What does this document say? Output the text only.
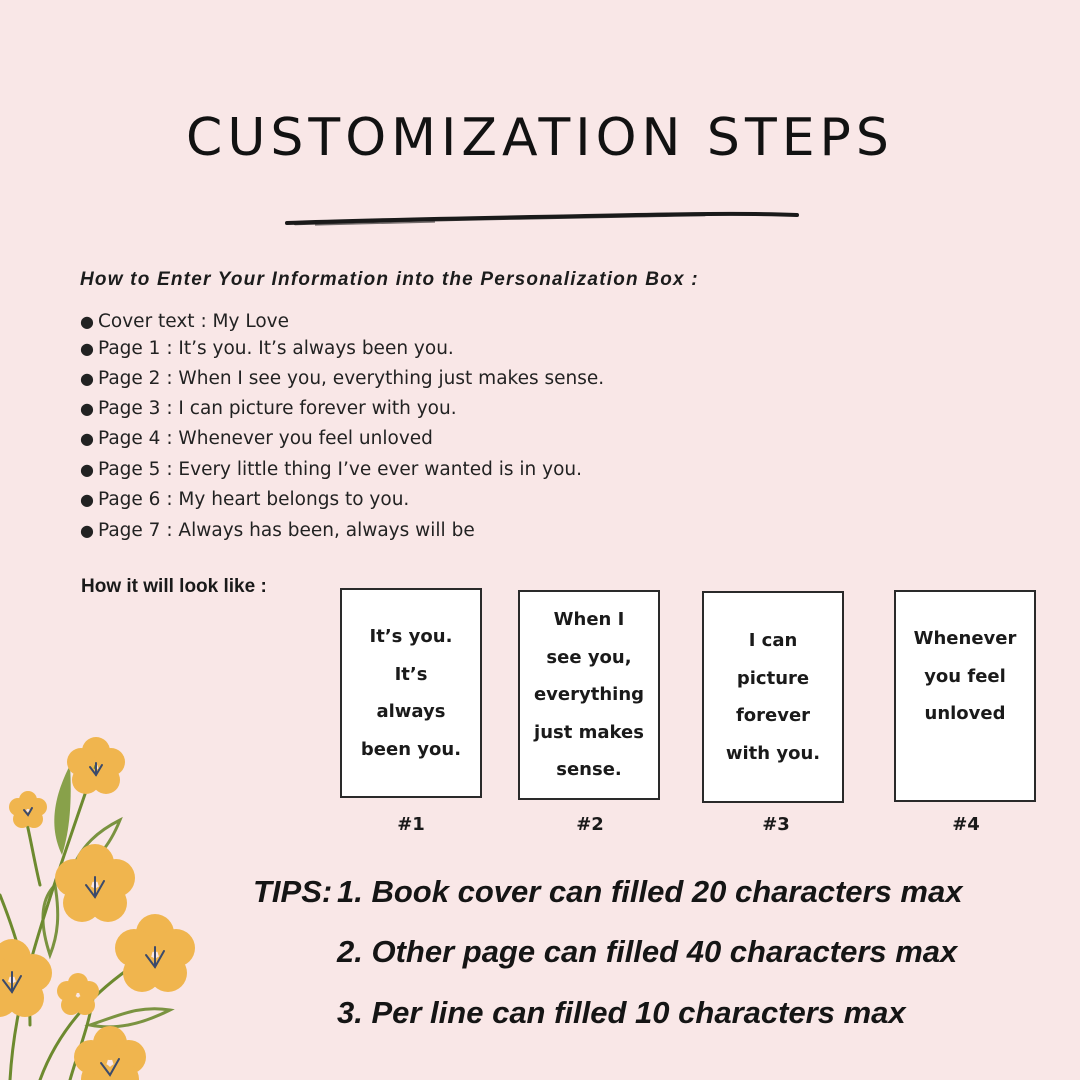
CUSTOMIZATION STEPS
How to Enter Your Information into the Personalization Box :
● Cover text : My Love
● Page 1 : It’s you. It’s always been you.
● Page 2 : When I see you, everything just makes sense.
● Page 3 : I can picture forever with you.
● Page 4 : Whenever you feel unloved
● Page 5 : Every little thing I’ve ever wanted is in you.
● Page 6 : My heart belongs to you.
● Page 7 : Always has been, always will be

How it will look like :

It’s you.
It’s
always
been you.
#1
When I
see you,
everything
just makes
sense.
#2
I can
picture
forever
with you.
#3
Whenever
you feel
unloved
#4

TIPS: 1. Book cover can filled 20 characters max

2. Other page can filled 40 characters max

3. Per line can filled 10 characters max
